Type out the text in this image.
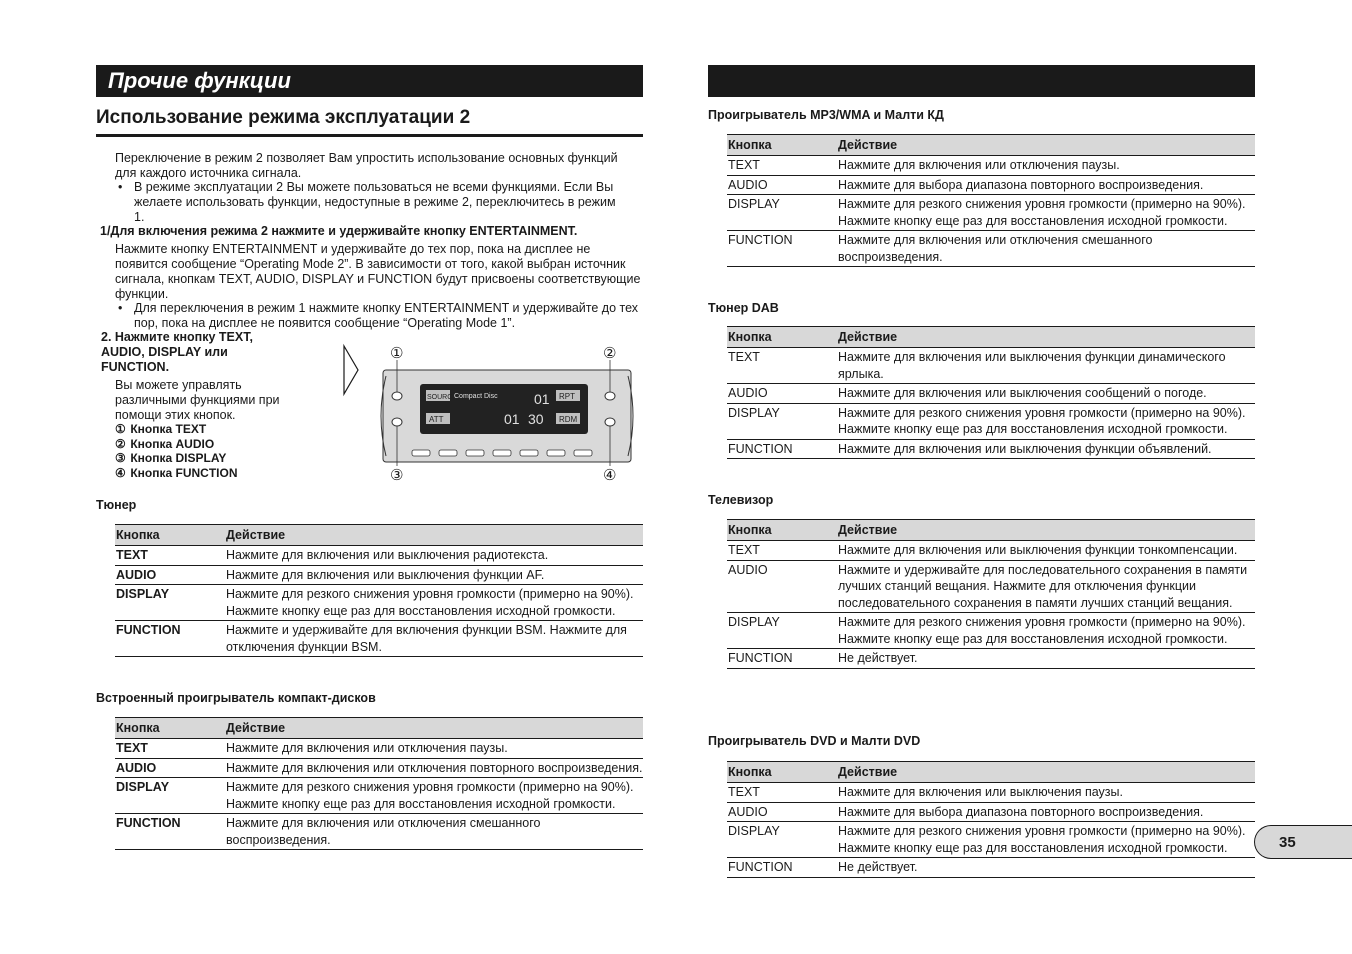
Прочие функции
Использование режима эксплуатации 2
Переключение в режим 2 позволяет Вам упростить использование основных функций для каждого источника сигнала.
• В режиме эксплуатации 2 Вы можете пользоваться не всеми функциями. Если Вы желаете использовать функции, недоступные в режиме 2, переключитесь в режим 1.
1/Для включения режима 2 нажмите и удерживайте кнопку ENTERTAINMENT.
Нажмите кнопку ENTERTAINMENT и удерживайте до тех пор, пока на дисплее не появится сообщение “Operating Mode 2”. В зависимости от того, какой выбран источник сигнала, кнопкам TEXT, AUDIO, DISPLAY и FUNCTION будут присвоены соответствующие функции.
• Для переключения в режим 1 нажмите кнопку ENTERTAINMENT и удерживайте до тех пор, пока на дисплее не появится сообщение “Operating Mode 1”.
2. Нажмите кнопку TEXT, AUDIO, DISPLAY или FUNCTION.
Вы можете управлять различными функциями при помощи этих кнопок.
① Кнопка TEXT
② Кнопка AUDIO
③ Кнопка DISPLAY
④ Кнопка FUNCTION
SOURCE
ATT
RPT
RDM
Compact Disc	01
01 30
①	②
③	④
Тюнер
Кнопка	Действие
TEXT	Нажмите для включения или выключения радиотекста.
AUDIO	Нажмите для включения или выключения функции AF.
DISPLAY	Нажмите для резкого снижения уровня громкости (примерно на 90%). Нажмите кнопку еще раз для восстановления исходной громкости.
FUNCTION	Нажмите и удерживайте для включения функции BSM. Нажмите для отключения функции BSM.
Встроенный проигрыватель компакт-дисков
Кнопка	Действие
TEXT	Нажмите для включения или отключения паузы.
AUDIO	Нажмите для включения или отключения повторного воспроизведения.
DISPLAY	Нажмите для резкого снижения уровня громкости (примерно на 90%). Нажмите кнопку еще раз для восстановления исходной громкости.
FUNCTION	Нажмите для включения или отключения смешанного воспроизведения.
Проигрыватель MP3/WMA и Малти КД
Кнопка	Действие
TEXT	Нажмите для включения или отключения паузы.
AUDIO	Нажмите для выбора диапазона повторного воспроизведения.
DISPLAY	Нажмите для резкого снижения уровня громкости (примерно на 90%). Нажмите кнопку еще раз для восстановления исходной громкости.
FUNCTION	Нажмите для включения или отключения смешанного воспроизведения.
Тюнер DAB
Кнопка	Действие
TEXT	Нажмите для включения или выключения функции динамического ярлыка.
AUDIO	Нажмите для включения или выключения сообщений о погоде.
DISPLAY	Нажмите для резкого снижения уровня громкости (примерно на 90%). Нажмите кнопку еще раз для восстановления исходной громкости.
FUNCTION	Нажмите для включения или выключения функции объявлений.
Телевизор
Кнопка	Действие
TEXT	Нажмите для включения или выключения функции тонкомпенсации.
AUDIO	Нажмите и удерживайте для последовательного сохранения в памяти лучших станций вещания. Нажмите для отключения функции последовательного сохранения в памяти лучших станций вещания.
DISPLAY	Нажмите для резкого снижения уровня громкости (примерно на 90%). Нажмите кнопку еще раз для восстановления исходной громкости.
FUNCTION	Не действует.
Проигрыватель DVD и Малти DVD
Кнопка	Действие
TEXT	Нажмите для включения или выключения паузы.
AUDIO	Нажмите для выбора диапазона повторного воспроизведения.
DISPLAY	Нажмите для резкого снижения уровня громкости (примерно на 90%). Нажмите кнопку еще раз для восстановления исходной громкости.
FUNCTION	Не действует.
35
